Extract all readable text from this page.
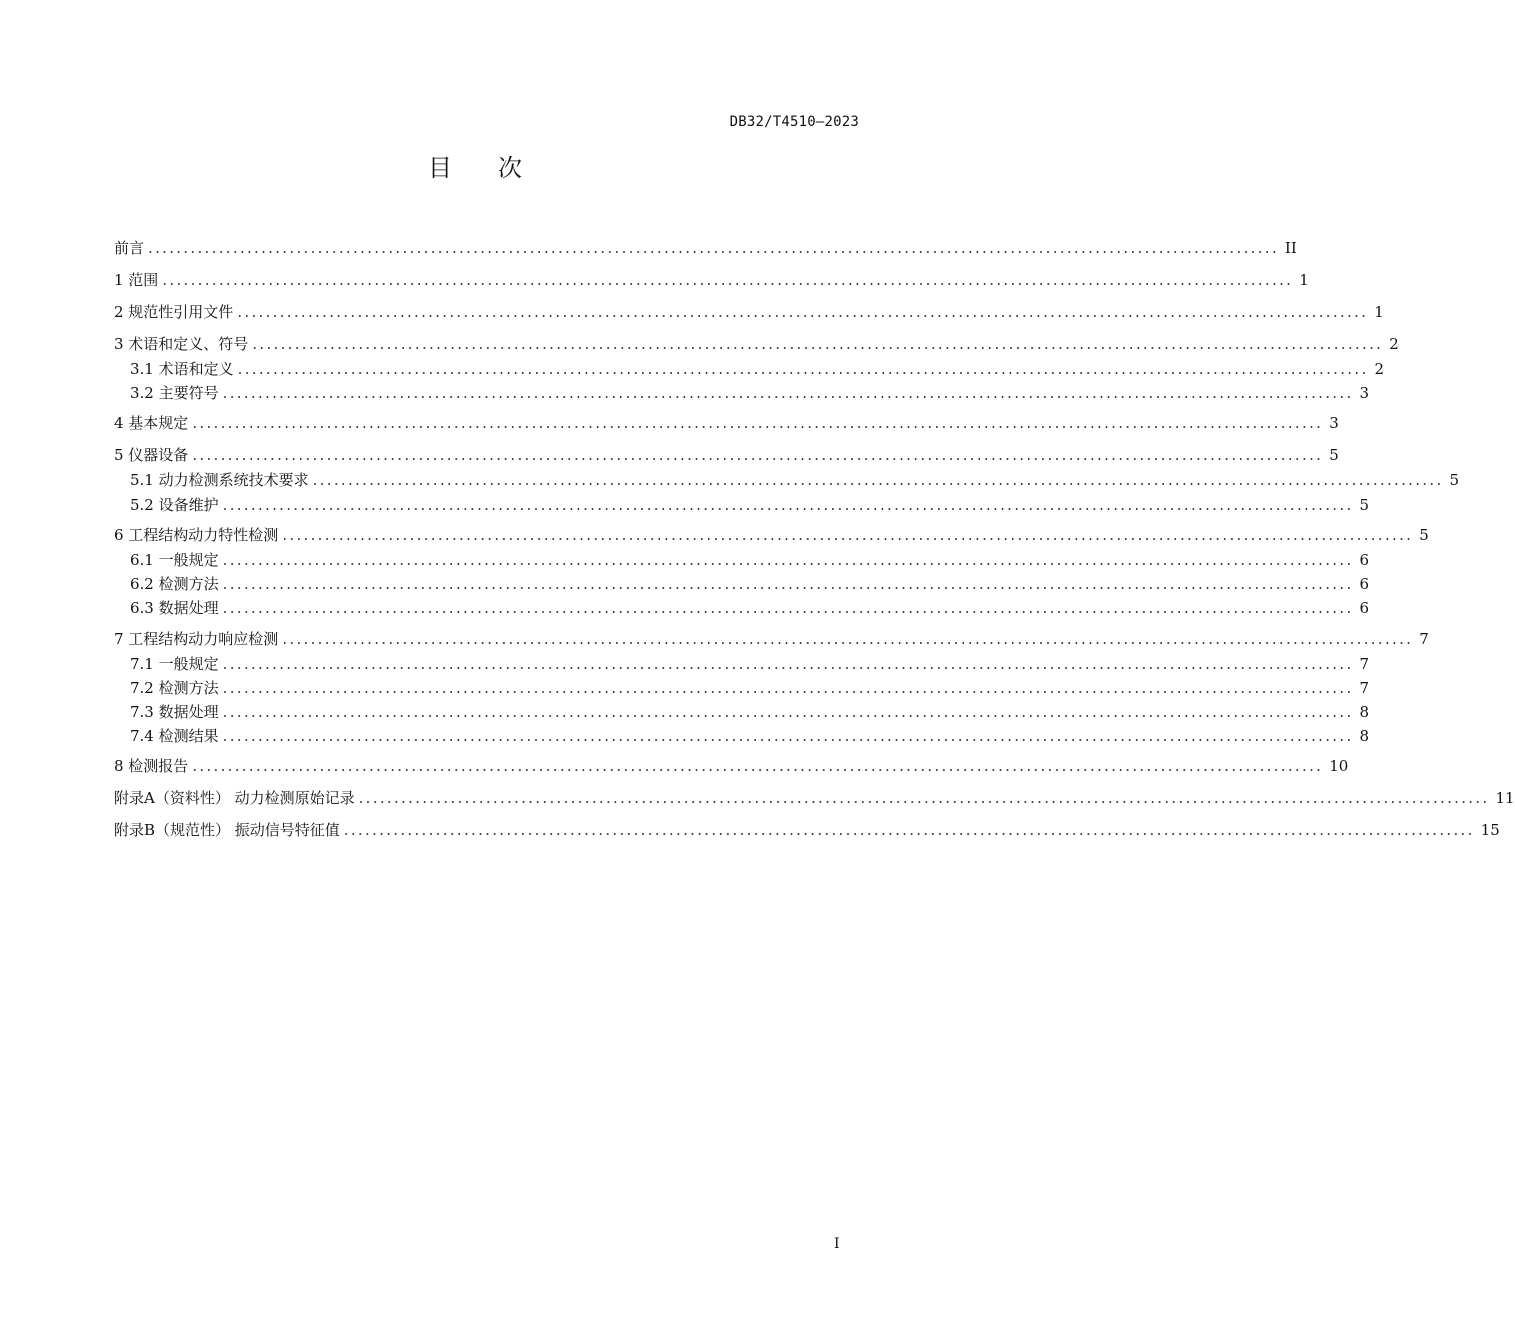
DB32/T4510—2023
目 次
前言 ................................................................................................................................................................ II
1 范围 ................................................................................................................................................................ 1
2 规范性引用文件 ................................................................................................................................................................ 1
3 术语和定义、符号 ................................................................................................................................................................ 2
3.1 术语和定义 ................................................................................................................................................................ 2
3.2 主要符号 ................................................................................................................................................................ 3
4 基本规定 ................................................................................................................................................................ 3
5 仪器设备 ................................................................................................................................................................ 5
5.1 动力检测系统技术要求 ................................................................................................................................................................ 5
5.2 设备维护 ................................................................................................................................................................ 5
6 工程结构动力特性检测 ................................................................................................................................................................ 5
6.1 一般规定 ................................................................................................................................................................ 6
6.2 检测方法 ................................................................................................................................................................ 6
6.3 数据处理 ................................................................................................................................................................ 6
7 工程结构动力响应检测 ................................................................................................................................................................ 7
7.1 一般规定 ................................................................................................................................................................ 7
7.2 检测方法 ................................................................................................................................................................ 7
7.3 数据处理 ................................................................................................................................................................ 8
7.4 检测结果 ................................................................................................................................................................ 8
8 检测报告 ................................................................................................................................................................ 10
附录A（资料性） 动力检测原始记录 ................................................................................................................................................................ 11
附录B（规范性） 振动信号特征值 ................................................................................................................................................................ 15
I
